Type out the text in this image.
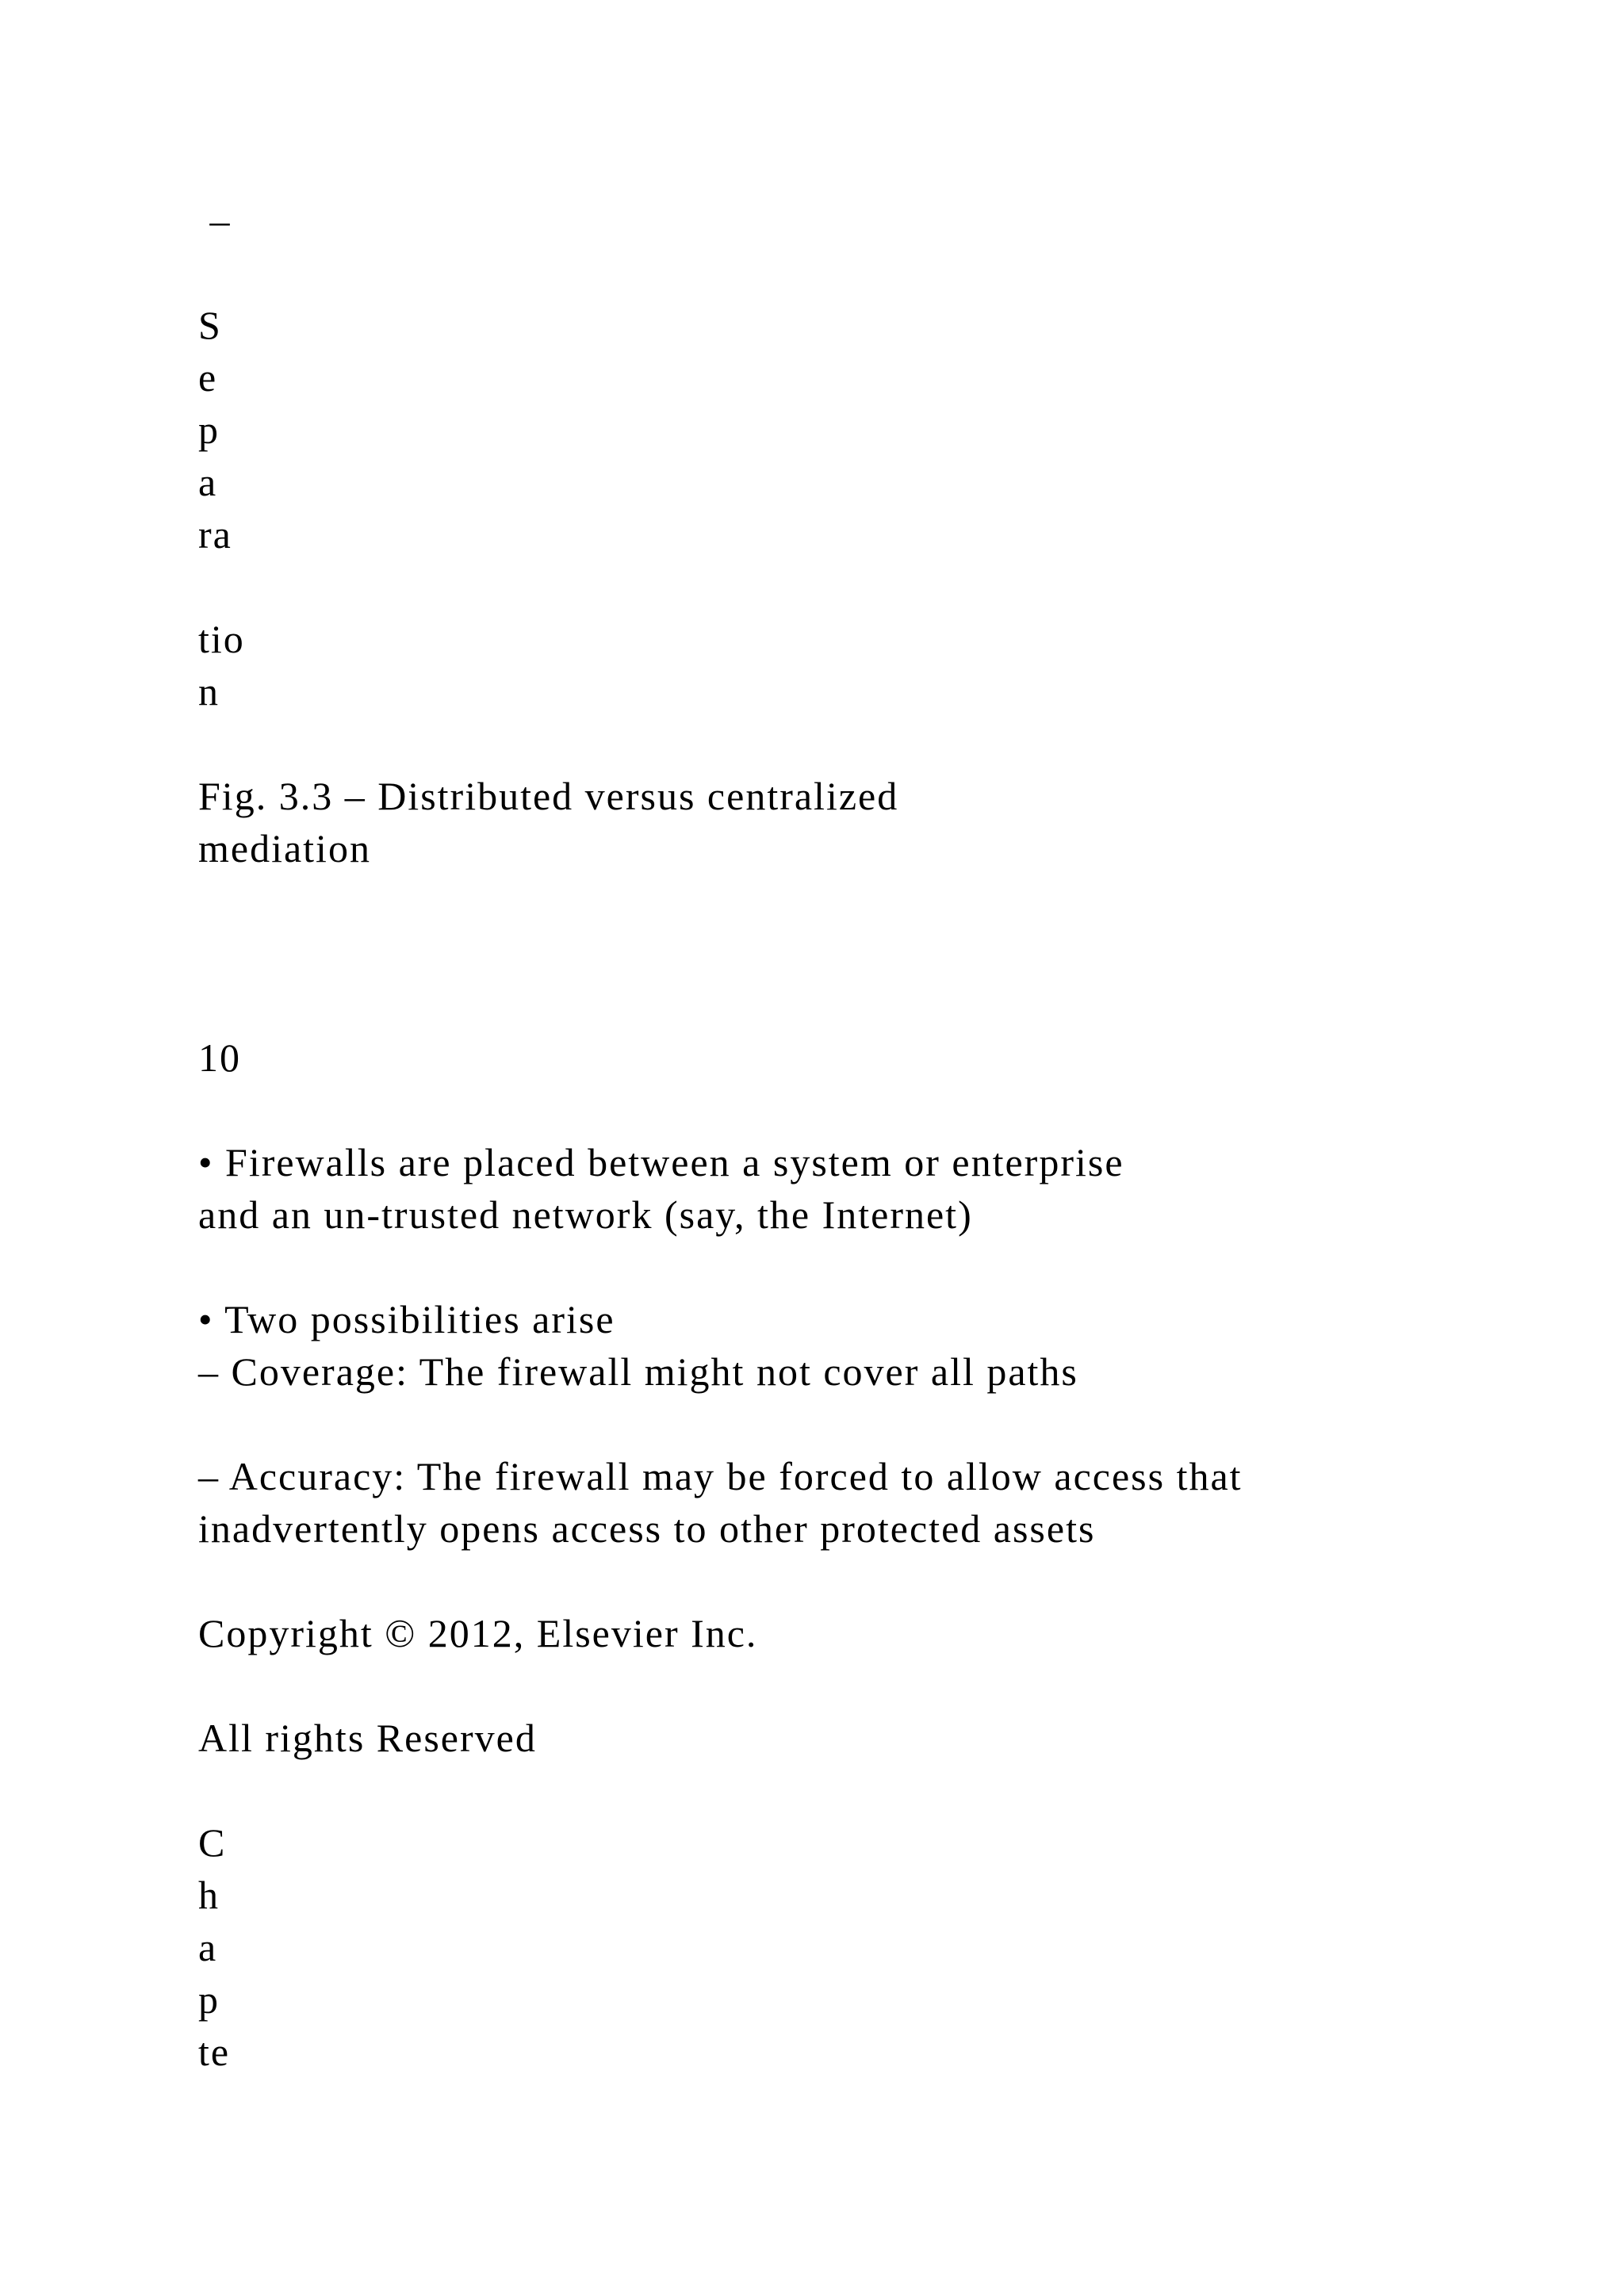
–

S

e

p

a

ra

tio

n

Fig. 3.3 – Distributed versus centralized

mediation

10

• Firewalls are placed between a system or enterprise

and an un-trusted network (say, the Internet)

• Two possibilities arise

– Coverage: The firewall might not cover all paths

– Accuracy: The firewall may be forced to allow access that

inadvertently opens access to other protected assets

Copyright © 2012, Elsevier Inc.

All rights Reserved

C

h

a

p

te
